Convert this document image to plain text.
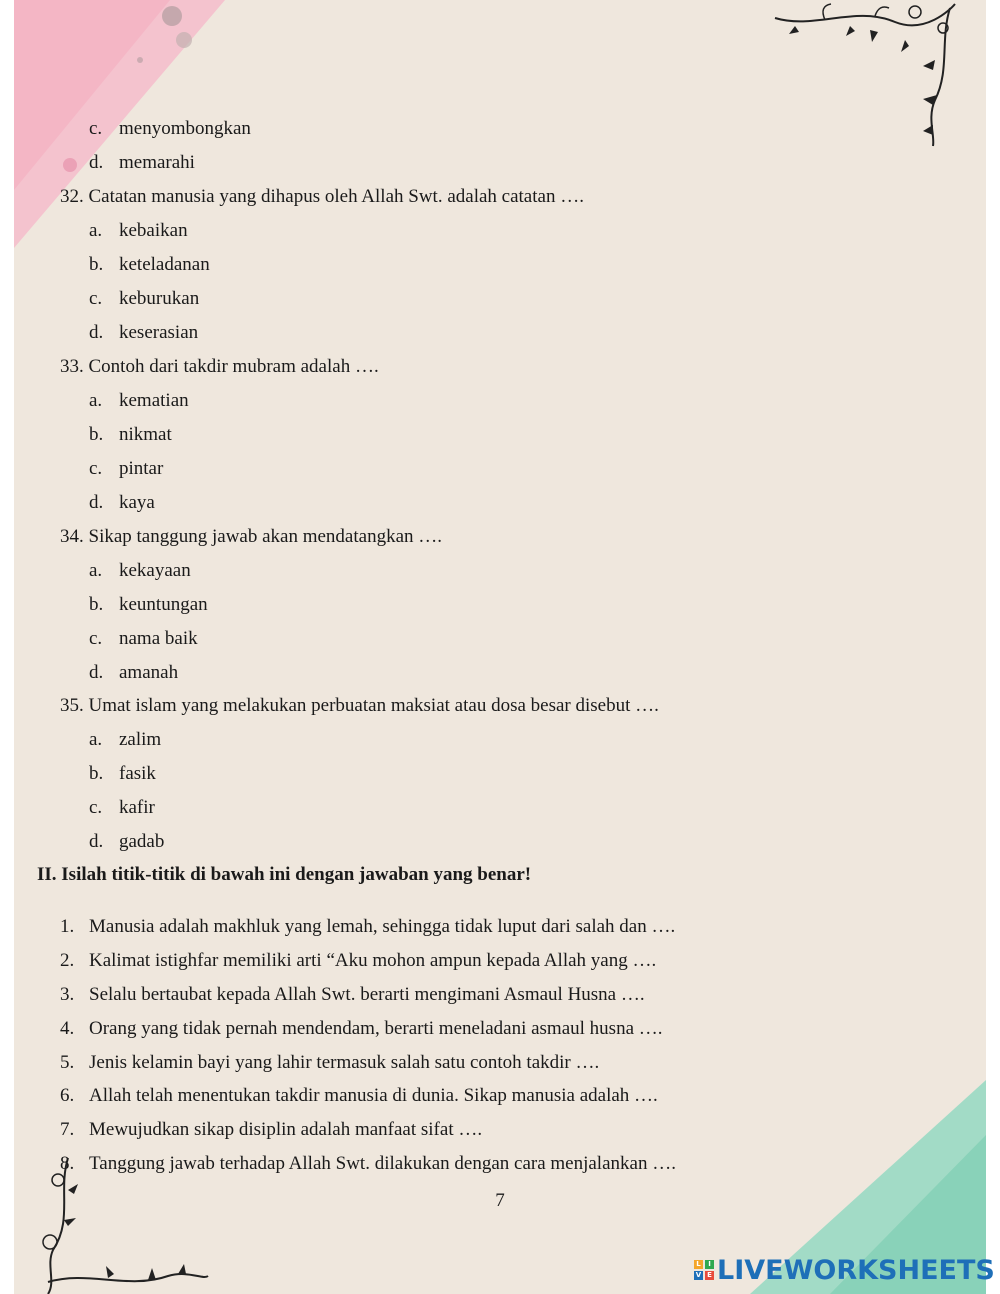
c. menyombongkan
d. memarahi
32. Catatan manusia yang dihapus oleh Allah Swt. adalah catatan ….
a. kebaikan
b. keteladanan
c. keburukan
d. keserasian
33. Contoh dari takdir mubram adalah ….
a. kematian
b. nikmat
c. pintar
d. kaya
34. Sikap tanggung jawab akan mendatangkan ….
a. kekayaan
b. keuntungan
c. nama baik
d. amanah
35. Umat islam yang melakukan perbuatan maksiat atau dosa besar disebut ….
a. zalim
b. fasik
c. kafir
d. gadab
II. Isilah titik-titik di bawah ini dengan jawaban yang benar!
1. Manusia adalah makhluk yang lemah, sehingga tidak luput dari salah dan ….
2. Kalimat istighfar memiliki arti “Aku mohon ampun kepada Allah yang ….
3. Selalu bertaubat kepada Allah Swt. berarti mengimani Asmaul Husna ….
4. Orang yang tidak pernah mendendam, berarti meneladani asmaul husna ….
5. Jenis kelamin bayi yang lahir termasuk salah satu contoh takdir ….
6. Allah telah menentukan takdir manusia di dunia. Sikap manusia adalah ….
7. Mewujudkan sikap disiplin adalah manfaat sifat ….
8. Tanggung jawab terhadap Allah Swt. dilakukan dengan cara menjalankan ….
7
L	I
V E LIVEWORKSHEETS
